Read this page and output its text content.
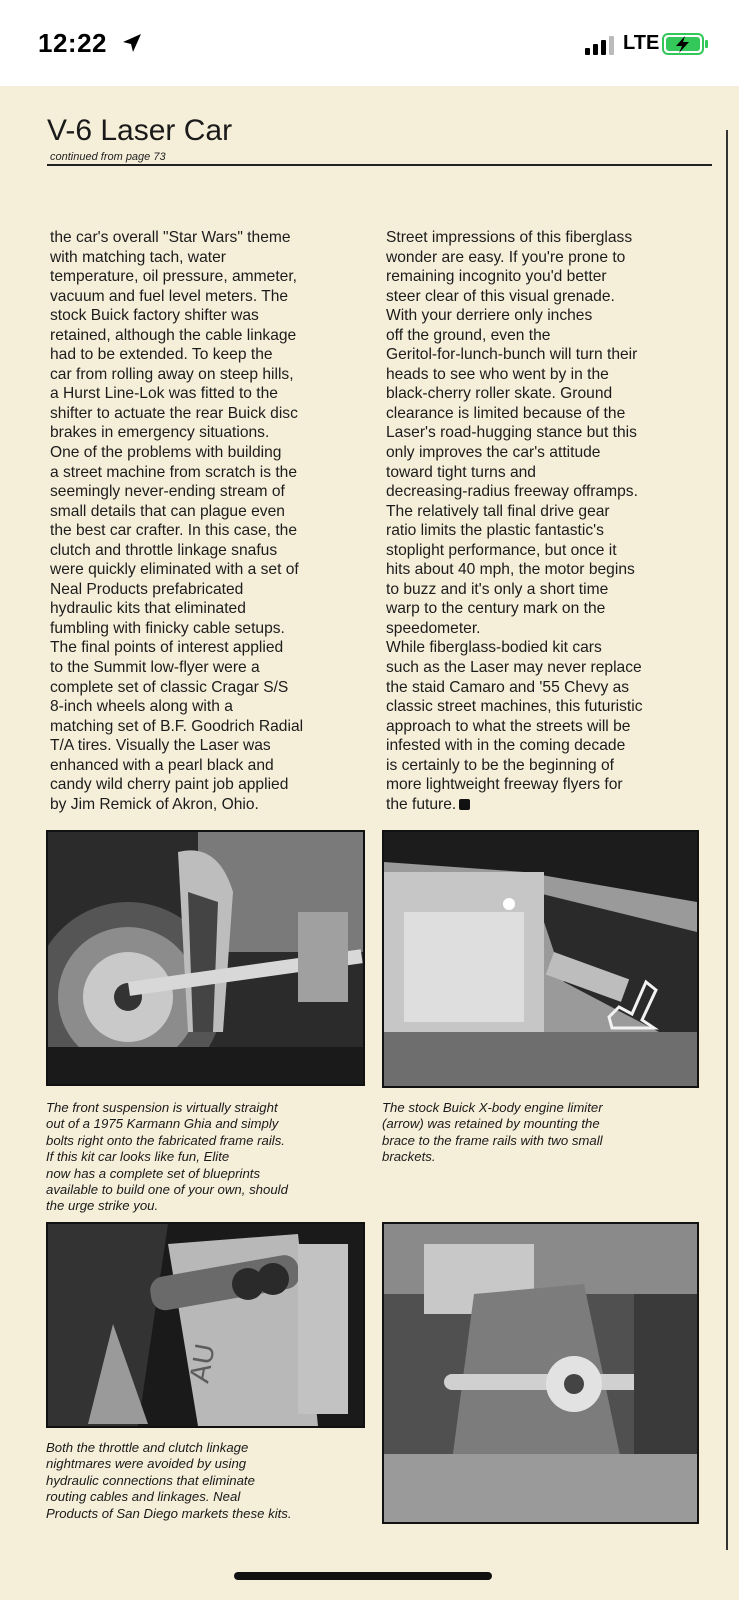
12:22	LTE
V-6 Laser Car
continued from page 73

the car's overall "Star Wars" theme
with matching tach, water
temperature, oil pressure, ammeter,
vacuum and fuel level meters. The
stock Buick factory shifter was
retained, although the cable linkage
had to be extended. To keep the
car from rolling away on steep hills,
a Hurst Line-Lok was fitted to the
shifter to actuate the rear Buick disc
brakes in emergency situations.

One of the problems with building
a street machine from scratch is the
seemingly never-ending stream of
small details that can plague even
the best car crafter. In this case, the
clutch and throttle linkage snafus
were quickly eliminated with a set of
Neal Products prefabricated
hydraulic kits that eliminated
fumbling with finicky cable setups.

The final points of interest applied
to the Summit low-flyer were a
complete set of classic Cragar S/S
8-inch wheels along with a
matching set of B.F. Goodrich Radial
T/A tires. Visually the Laser was
enhanced with a pearl black and
candy wild cherry paint job applied
by Jim Remick of Akron, Ohio.

Street impressions of this fiberglass
wonder are easy. If you're prone to
remaining incognito you'd better
steer clear of this visual grenade.
With your derriere only inches
off the ground, even the
Geritol-for-lunch-bunch will turn their
heads to see who went by in the
black-cherry roller skate. Ground
clearance is limited because of the
Laser's road-hugging stance but this
only improves the car's attitude
toward tight turns and
decreasing-radius freeway offramps.
The relatively tall final drive gear
ratio limits the plastic fantastic's
stoplight performance, but once it
hits about 40 mph, the motor begins
to buzz and it's only a short time
warp to the century mark on the
speedometer.

While fiberglass-bodied kit cars
such as the Laser may never replace
the staid Camaro and '55 Chevy as
classic street machines, this futuristic
approach to what the streets will be
infested with in the coming decade
is certainly to be the beginning of
more lightweight freeway flyers for
the future.

The front suspension is virtually straight
out of a 1975 Karmann Ghia and simply
bolts right onto the fabricated frame rails.
If this kit car looks like fun, Elite
now has a complete set of blueprints
available to build one of your own, should
the urge strike you.
The stock Buick X-body engine limiter
(arrow) was retained by mounting the
brace to the frame rails with two small
brackets.
AU
Both the throttle and clutch linkage
nightmares were avoided by using
hydraulic connections that eliminate
routing cables and linkages. Neal
Products of San Diego markets these kits.
